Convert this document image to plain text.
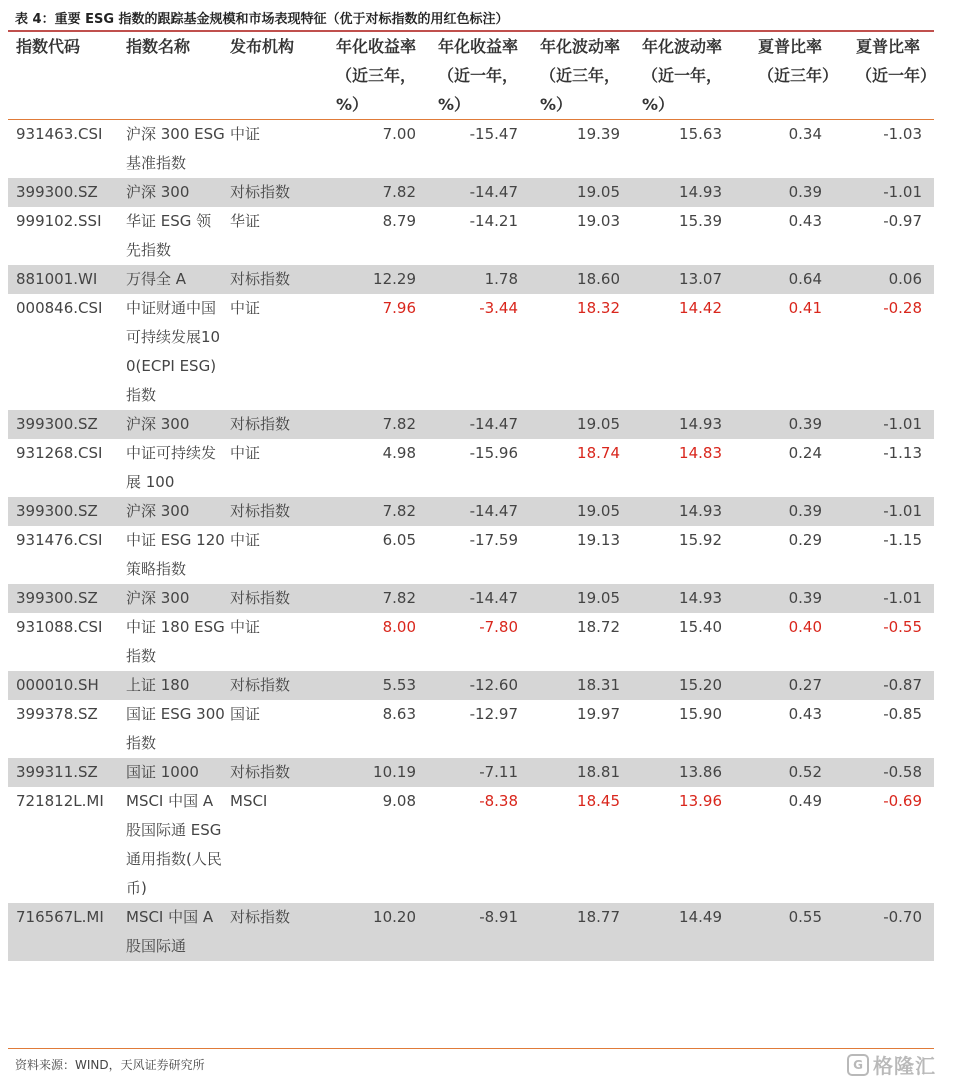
表 4：重要 ESG 指数的跟踪基金规模和市场表现特征（优于对标指数的用红色标注）
指数代码	指数名称	发布机构	年化收益率（近三年，%）	年化收益率（近一年，%）	年化波动率（近三年，%）	年化波动率（近一年，%）	夏普比率（近三年）	夏普比率（近一年）
931463.CSI	沪深 300 ESG 基准指数	中证	7.00	-15.47	19.39	15.63	0.34	-1.03
399300.SZ	沪深 300	对标指数	7.82	-14.47	19.05	14.93	0.39	-1.01
999102.SSI	华证 ESG 领先指数	华证	8.79	-14.21	19.03	15.39	0.43	-0.97
881001.WI	万得全 A	对标指数	12.29	1.78	18.60	13.07	0.64	0.06
000846.CSI	中证财通中国可持续发展100(ECPI ESG)指数	中证	7.96	-3.44	18.32	14.42	0.41	-0.28
399300.SZ	沪深 300	对标指数	7.82	-14.47	19.05	14.93	0.39	-1.01
931268.CSI	中证可持续发展 100	中证	4.98	-15.96	18.74	14.83	0.24	-1.13
399300.SZ	沪深 300	对标指数	7.82	-14.47	19.05	14.93	0.39	-1.01
931476.CSI	中证 ESG 120 策略指数	中证	6.05	-17.59	19.13	15.92	0.29	-1.15
399300.SZ	沪深 300	对标指数	7.82	-14.47	19.05	14.93	0.39	-1.01
931088.CSI	中证 180 ESG 指数	中证	8.00	-7.80	18.72	15.40	0.40	-0.55
000010.SH	上证 180	对标指数	5.53	-12.60	18.31	15.20	0.27	-0.87
399378.SZ	国证 ESG 300 指数	国证	8.63	-12.97	19.97	15.90	0.43	-0.85
399311.SZ	国证 1000	对标指数	10.19	-7.11	18.81	13.86	0.52	-0.58
721812L.MI	MSCI 中国 A 股国际通 ESG 通用指数(人民币)	MSCI	9.08	-8.38	18.45	13.96	0.49	-0.69
716567L.MI	MSCI 中国 A 股国际通	对标指数	10.20	-8.91	18.77	14.49	0.55	-0.70
资料来源：WIND，天风证券研究所	G 格隆汇
